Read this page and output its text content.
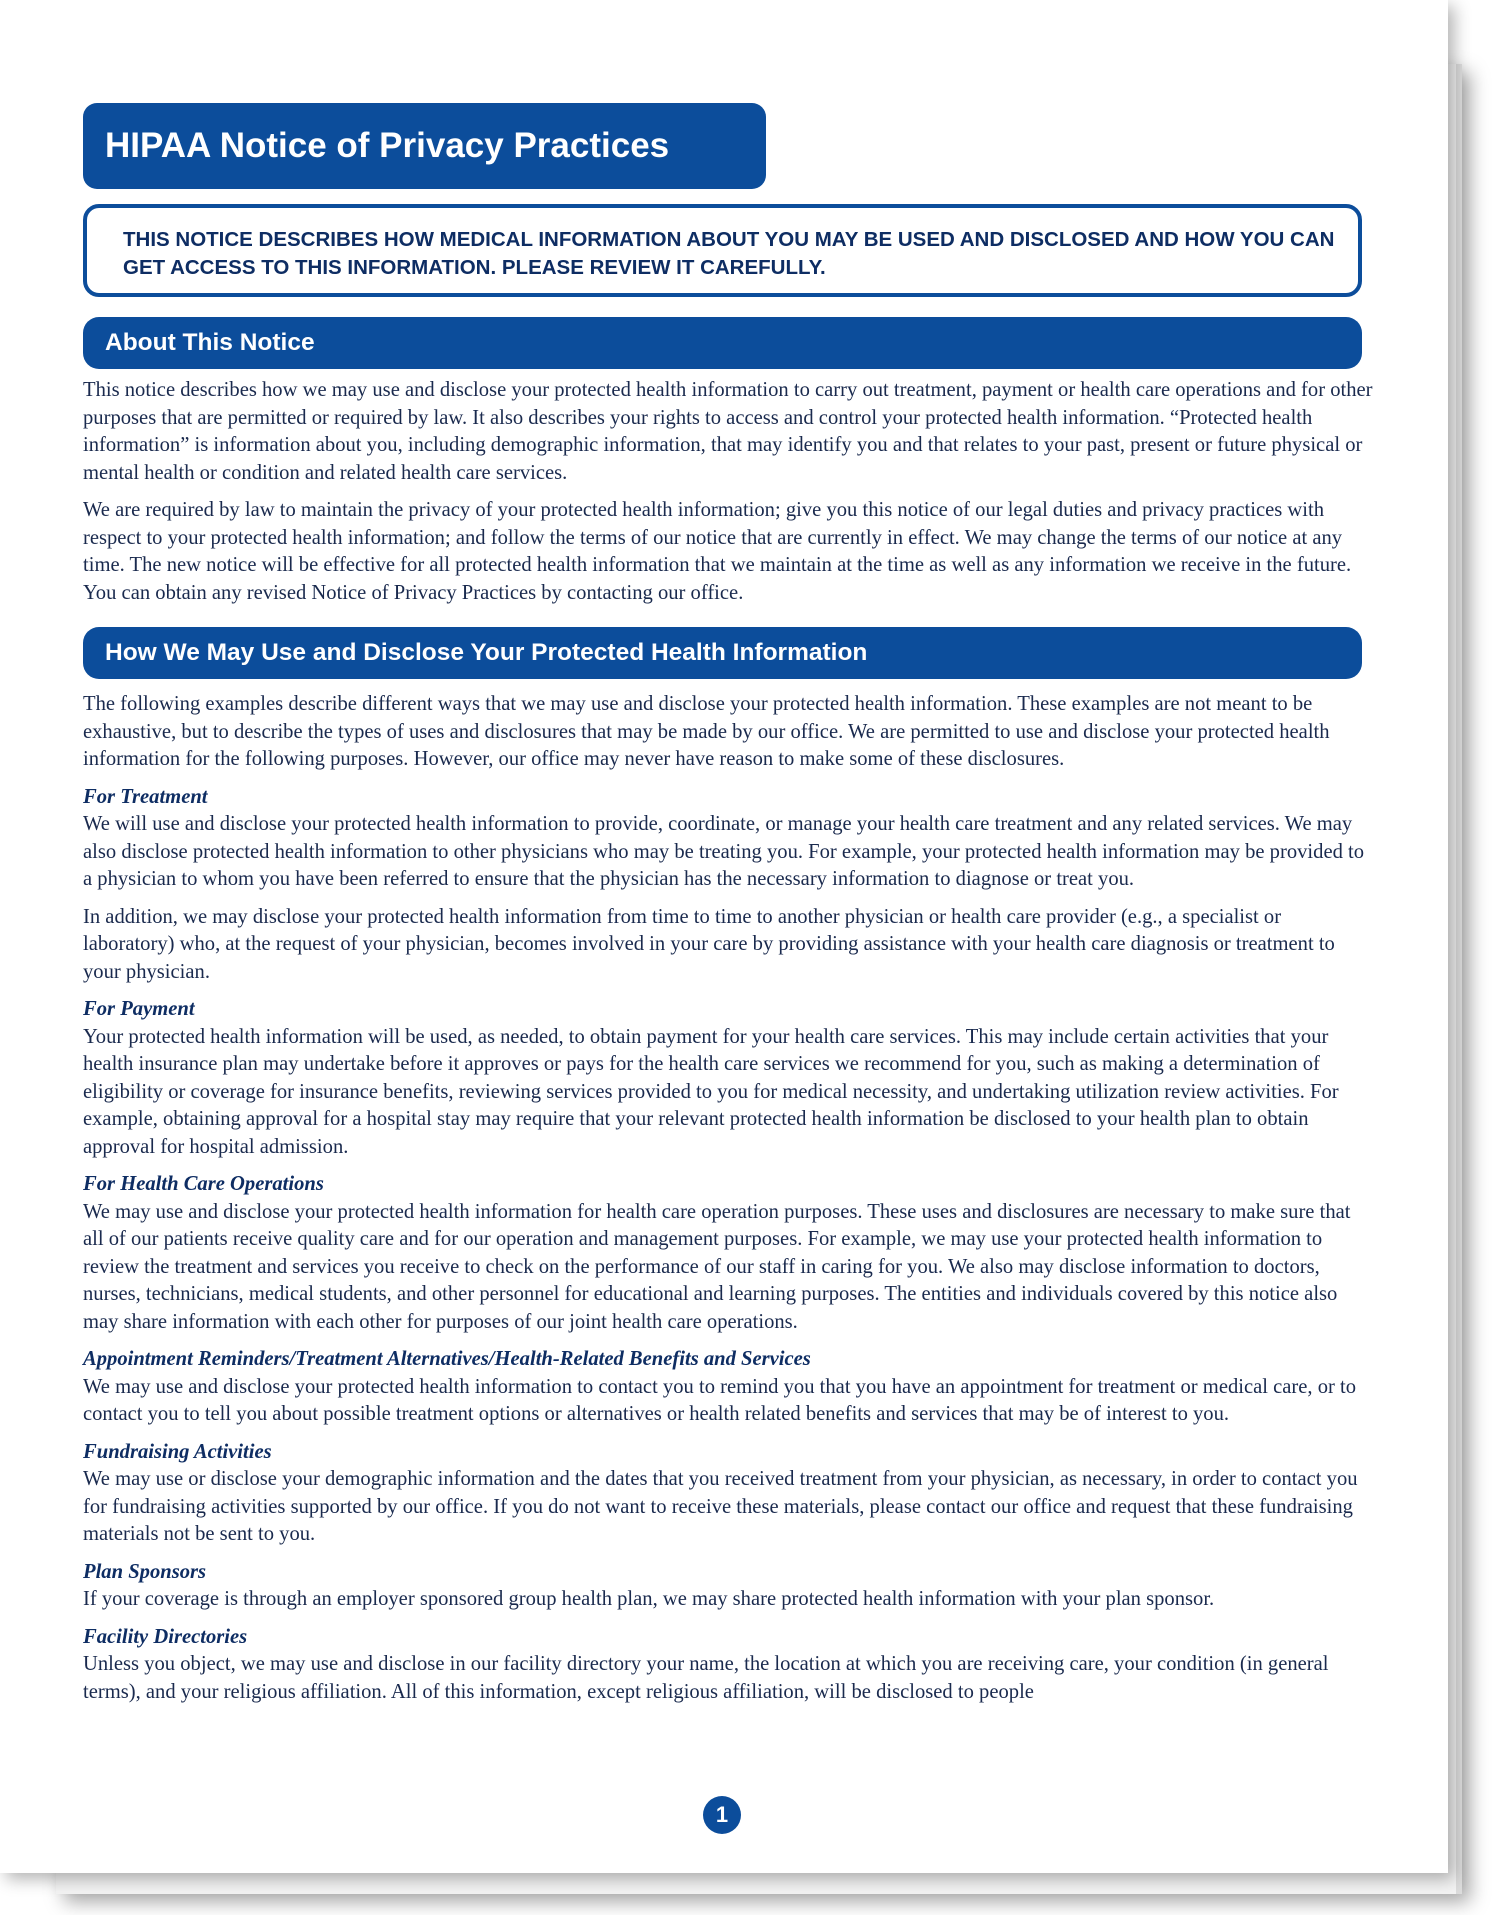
HIPAA Notice of Privacy Practices
THIS NOTICE DESCRIBES HOW MEDICAL INFORMATION ABOUT YOU MAY BE USED AND DISCLOSED AND HOW YOU CAN GET ACCESS TO THIS INFORMATION. PLEASE REVIEW IT CAREFULLY.
About This Notice

This notice describes how we may use and disclose your protected health information to carry out treatment, payment or health care operations and for other purposes that are permitted or required by law. It also describes your rights to access and control your protected health information. “Protected health information” is information about you, including demographic information, that may identify you and that relates to your past, present or future physical or mental health or condition and related health care services.

We are required by law to maintain the privacy of your protected health information; give you this notice of our legal duties and privacy practices with respect to your protected health information; and follow the terms of our notice that are currently in effect. We may change the terms of our notice at any time. The new notice will be effective for all protected health information that we maintain at the time as well as any information we receive in the future. You can obtain any revised Notice of Privacy Practices by contacting our office.

How We May Use and Disclose Your Protected Health Information

The following examples describe different ways that we may use and disclose your protected health information. These examples are not meant to be exhaustive, but to describe the types of uses and disclosures that may be made by our office. We are permitted to use and disclose your protected health information for the following purposes. However, our office may never have reason to make some of these disclosures.

For Treatment

We will use and disclose your protected health information to provide, coordinate, or manage your health care treatment and any related services. We may also disclose protected health information to other physicians who may be treating you. For example, your protected health information may be provided to a physician to whom you have been referred to ensure that the physician has the necessary information to diagnose or treat you.

In addition, we may disclose your protected health information from time to time to another physician or health care provider (e.g., a specialist or laboratory) who, at the request of your physician, becomes involved in your care by providing assistance with your health care diagnosis or treatment to your physician.

For Payment

Your protected health information will be used, as needed, to obtain payment for your health care services. This may include certain activities that your health insurance plan may undertake before it approves or pays for the health care services we recommend for you, such as making a determination of eligibility or coverage for insurance benefits, reviewing services provided to you for medical necessity, and undertaking utilization review activities. For example, obtaining approval for a hospital stay may require that your relevant protected health information be disclosed to your health plan to obtain approval for hospital admission.

For Health Care Operations

We may use and disclose your protected health information for health care operation purposes. These uses and disclosures are necessary to make sure that all of our patients receive quality care and for our operation and management purposes. For example, we may use your protected health information to review the treatment and services you receive to check on the performance of our staff in caring for you. We also may disclose information to doctors, nurses, technicians, medical students, and other personnel for educational and learning purposes. The entities and individuals covered by this notice also may share information with each other for purposes of our joint health care operations.

Appointment Reminders/Treatment Alternatives/Health-Related Benefits and Services

We may use and disclose your protected health information to contact you to remind you that you have an appointment for treatment or medical care, or to contact you to tell you about possible treatment options or alternatives or health related benefits and services that may be of interest to you.

Fundraising Activities

We may use or disclose your demographic information and the dates that you received treatment from your physician, as necessary, in order to contact you for fundraising activities supported by our office. If you do not want to receive these materials, please contact our office and request that these fundraising materials not be sent to you.

Plan Sponsors

If your coverage is through an employer sponsored group health plan, we may share protected health information with your plan sponsor.

Facility Directories

Unless you object, we may use and disclose in our facility directory your name, the location at which you are receiving care, your condition (in general terms), and your religious affiliation. All of this information, except religious affiliation, will be disclosed to people

1
